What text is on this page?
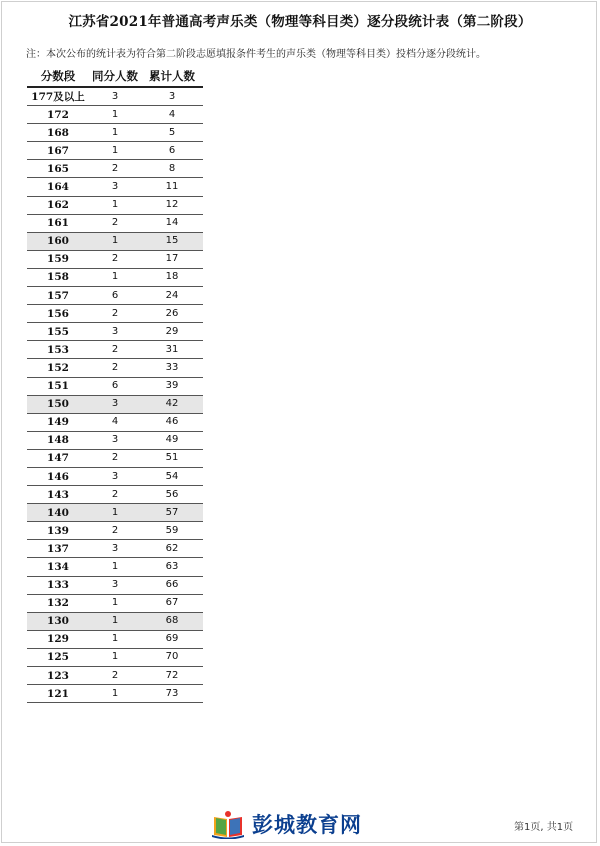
江苏省2021年普通高考声乐类（物理等科目类）逐分段统计表（第二阶段）
注：本次公布的统计表为符合第二阶段志愿填报条件考生的声乐类（物理等科目类）投档分逐分段统计。
分数段	同分人数	累计人数
177及以上	3	3
172	1	4
168	1	5
167	1	6
165	2	8
164	3	11
162	1	12
161	2	14
160	1	15
159	2	17
158	1	18
157	6	24
156	2	26
155	3	29
153	2	31
152	2	33
151	6	39
150	3	42
149	4	46
148	3	49
147	2	51
146	3	54
143	2	56
140	1	57
139	2	59
137	3	62
134	1	63
133	3	66
132	1	67
130	1	68
129	1	69
125	1	70
123	2	72
121	1	73
彭城教育网	第1页, 共1页
